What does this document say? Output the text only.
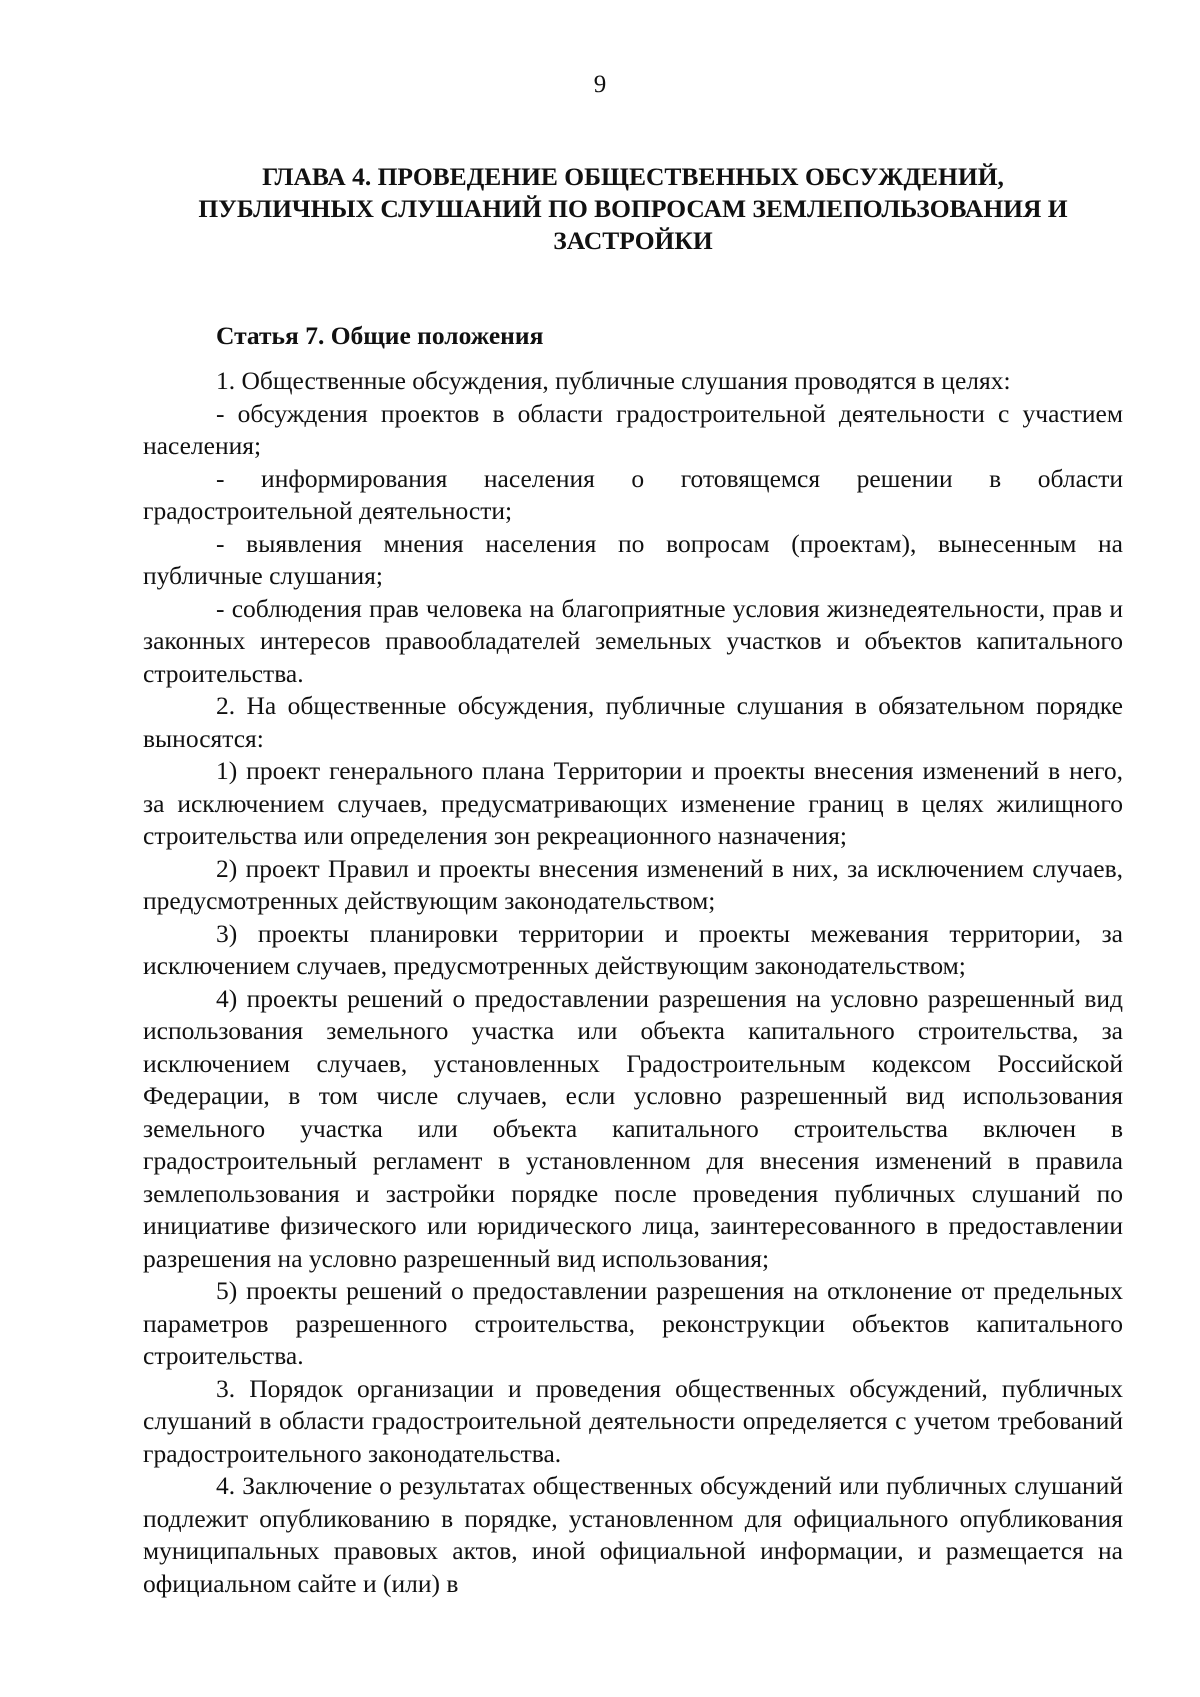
9
ГЛАВА 4. ПРОВЕДЕНИЕ ОБЩЕСТВЕННЫХ ОБСУЖДЕНИЙ,
ПУБЛИЧНЫХ СЛУШАНИЙ ПО ВОПРОСАМ ЗЕМЛЕПОЛЬЗОВАНИЯ И
ЗАСТРОЙКИ
Статья 7. Общие положения

1. Общественные обсуждения, публичные слушания проводятся в целях:

- обсуждения проектов в области градостроительной деятельности с участием населения;

- информирования населения о готовящемся решении в области градостроительной деятельности;

- выявления мнения населения по вопросам (проектам), вынесенным на публичные слушания;

- соблюдения прав человека на благоприятные условия жизнедеятельности, прав и законных интересов правообладателей земельных участков и объектов капитального строительства.

2. На общественные обсуждения, публичные слушания в обязательном порядке выносятся:

1) проект генерального плана Территории и проекты внесения изменений в него, за исключением случаев, предусматривающих изменение границ в целях жилищного строительства или определения зон рекреационного назначения;

2) проект Правил и проекты внесения изменений в них, за исключением случаев, предусмотренных действующим законодательством;

3) проекты планировки территории и проекты межевания территории, за исключением случаев, предусмотренных действующим законодательством;

4) проекты решений о предоставлении разрешения на условно разрешенный вид использования земельного участка или объекта капитального строительства, за исключением случаев, установленных Градостроительным кодексом Российской Федерации, в том числе случаев, если условно разрешенный вид использования земельного участка или объекта капитального строительства включен в градостроительный регламент в установленном для внесения изменений в правила землепользования и застройки порядке после проведения публичных слушаний по инициативе физического или юридического лица, заинтересованного в предоставлении разрешения на условно разрешенный вид использования;

5) проекты решений о предоставлении разрешения на отклонение от предельных параметров разрешенного строительства, реконструкции объектов капитального строительства.

3. Порядок организации и проведения общественных обсуждений, публичных слушаний в области градостроительной деятельности определяется с учетом требований градостроительного законодательства.

4. Заключение о результатах общественных обсуждений или публичных слушаний подлежит опубликованию в порядке, установленном для официального опубликования муниципальных правовых актов, иной официальной информации, и размещается на официальном сайте и (или) в
